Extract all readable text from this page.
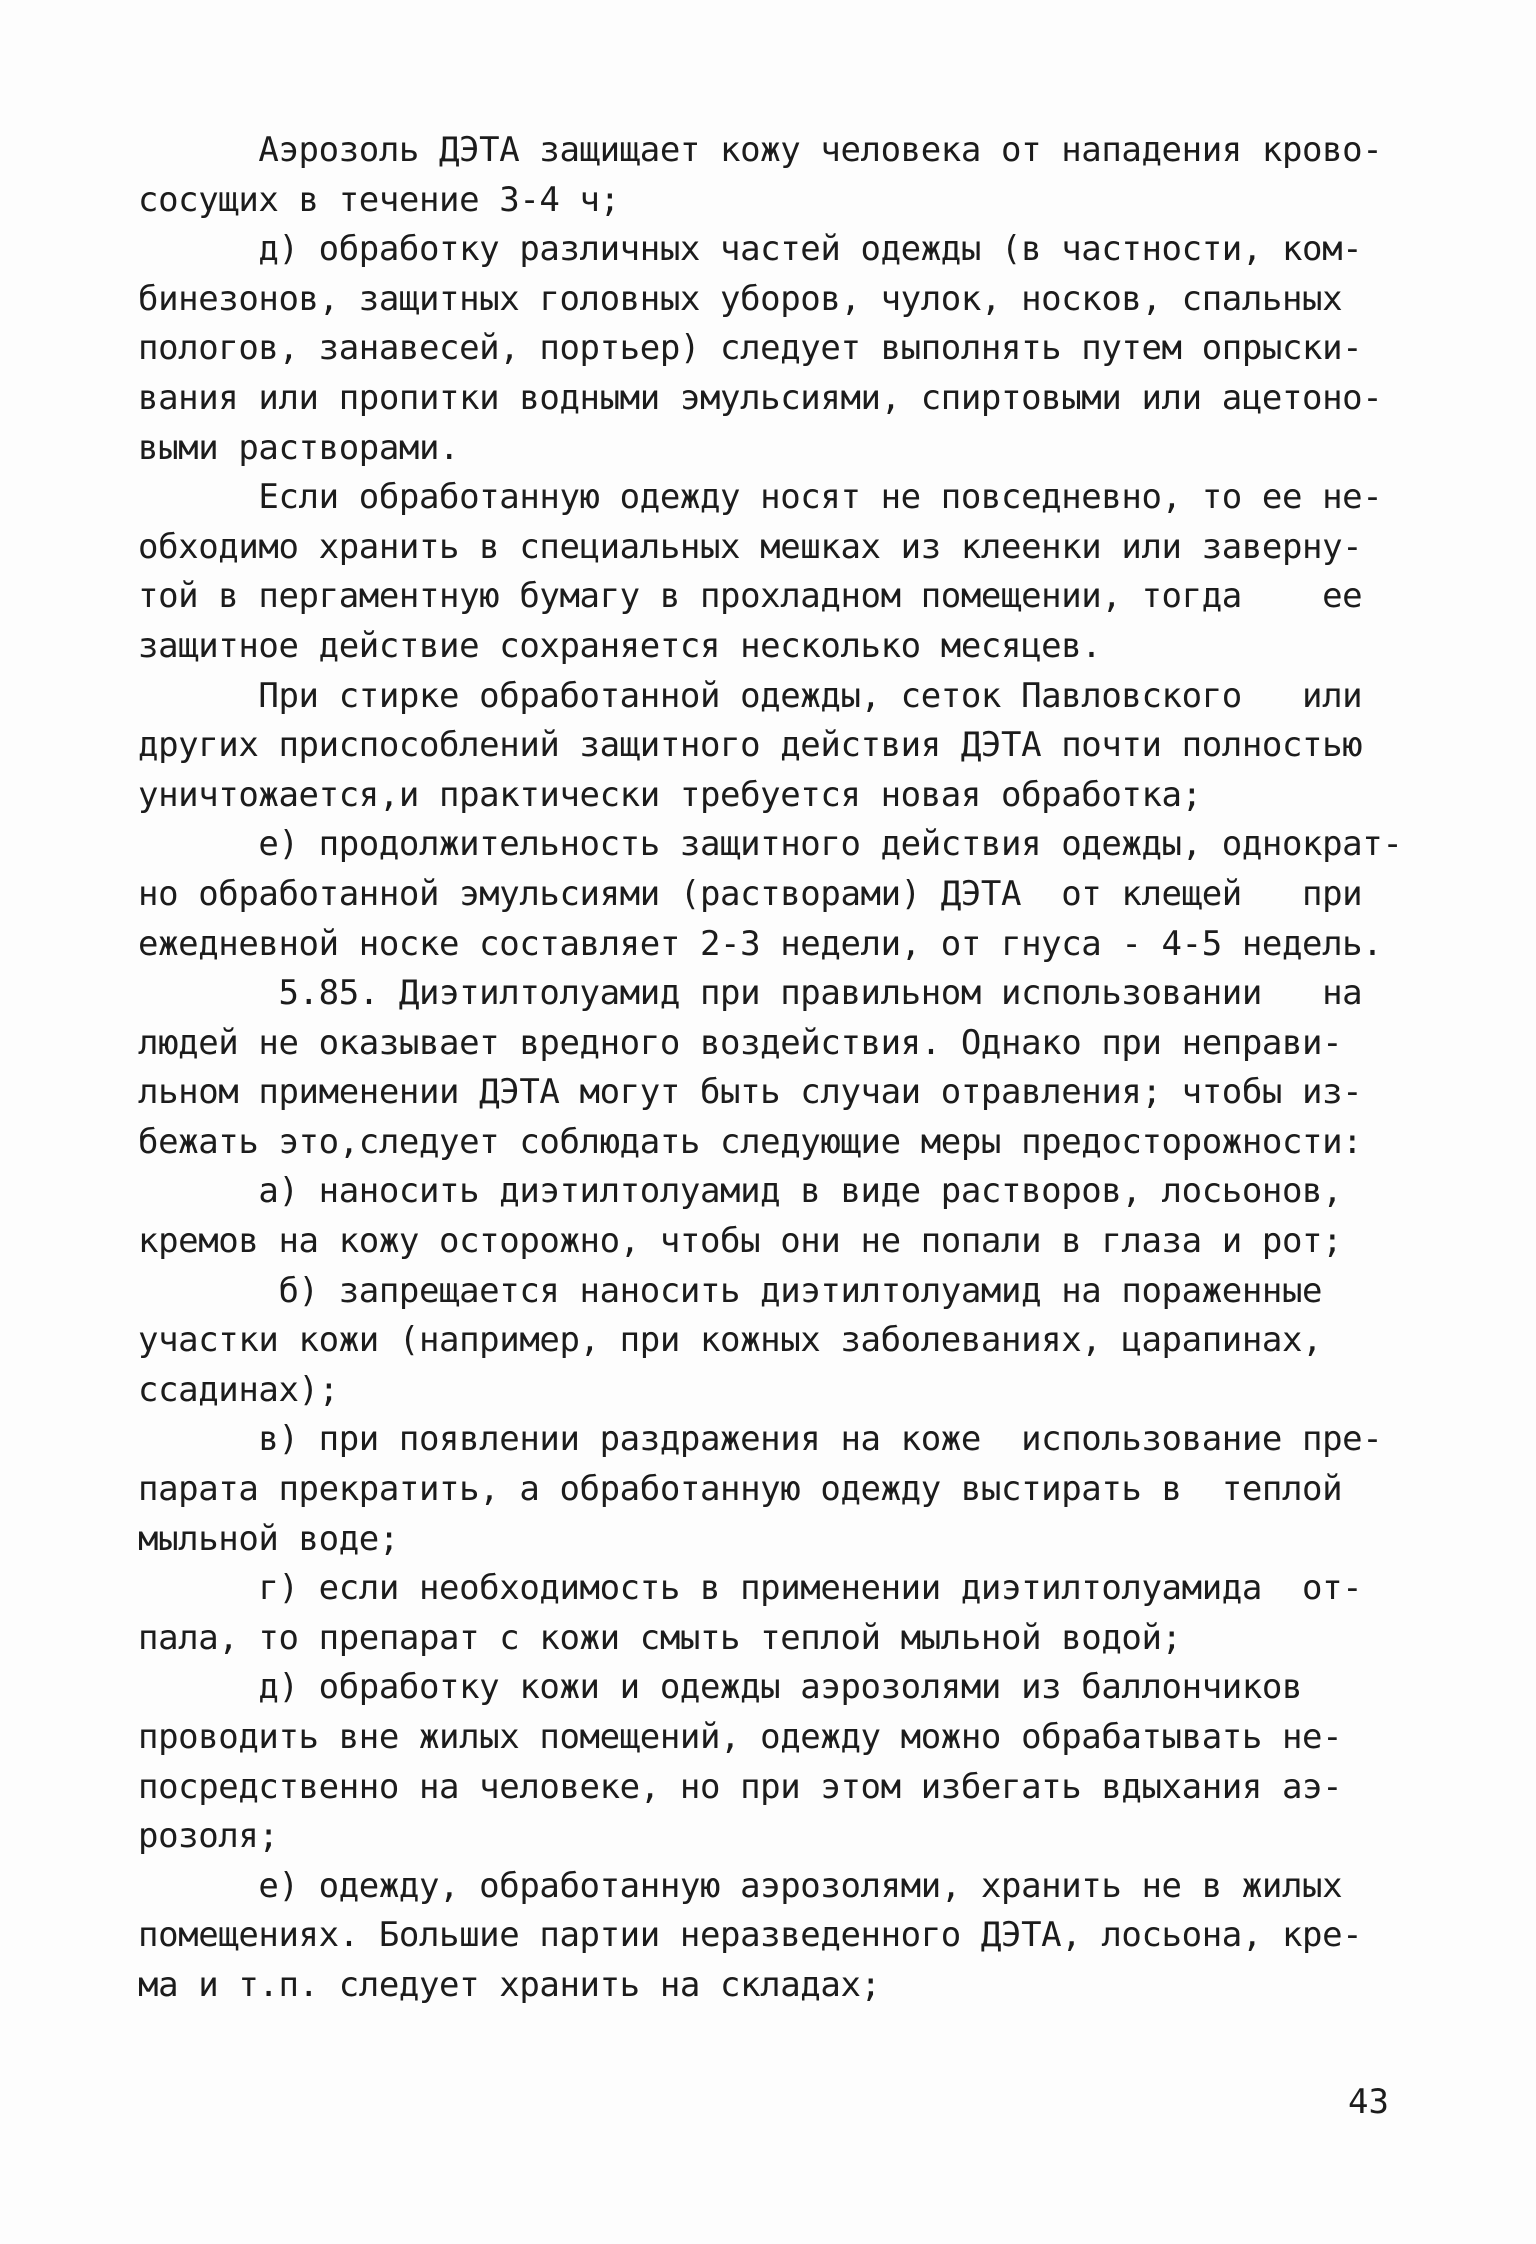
Аэрозоль ДЭТА защищает кожу человека от нападения крово-
сосущих в течение 3-4 ч;
д) обработку различных частей одежды (в частности, ком-
бинезонов, защитных головных уборов, чулок, носков, спальных
пологов, занавесей, портьер) следует выполнять путем опрыски-
вания или пропитки водными эмульсиями, спиртовыми или ацетоно-
выми растворами.
Если обработанную одежду носят не повседневно, то ее не-
обходимо хранить в специальных мешках из клеенки или заверну-
той в пергаментную бумагу в прохладном помещении, тогда    ее
защитное действие сохраняется несколько месяцев.
При стирке обработанной одежды, сеток Павловского   или
других приспособлений защитного действия ДЭТА почти полностью
уничтожается,и практически требуется новая обработка;
е) продолжительность защитного действия одежды, однократ-
но обработанной эмульсиями (растворами) ДЭТА  от клещей   при
ежедневной носке составляет 2-3 недели, от гнуса - 4-5 недель.
5.85. Диэтилтолуамид при правильном использовании   на
людей не оказывает вредного воздействия. Однако при неправи-
льном применении ДЭТА могут быть случаи отравления; чтобы из-
бежать это,следует соблюдать следующие меры предосторожности:
а) наносить диэтилтолуамид в виде растворов, лосьонов,
кремов на кожу осторожно, чтобы они не попали в глаза и рот;
б) запрещается наносить диэтилтолуамид на пораженные
участки кожи (например, при кожных заболеваниях, царапинах,
ссадинах);
в) при появлении раздражения на коже  использование пре-
парата прекратить, а обработанную одежду выстирать в  теплой
мыльной воде;
г) если необходимость в применении диэтилтолуамида  от-
пала, то препарат с кожи смыть теплой мыльной водой;
д) обработку кожи и одежды аэрозолями из баллончиков
проводить вне жилых помещений, одежду можно обрабатывать не-
посредственно на человеке, но при этом избегать вдыхания аэ-
розоля;
е) одежду, обработанную аэрозолями, хранить не в жилых
помещениях. Большие партии неразведенного ДЭТА, лосьона, кре-
ма и т.п. следует хранить на складах;
43
